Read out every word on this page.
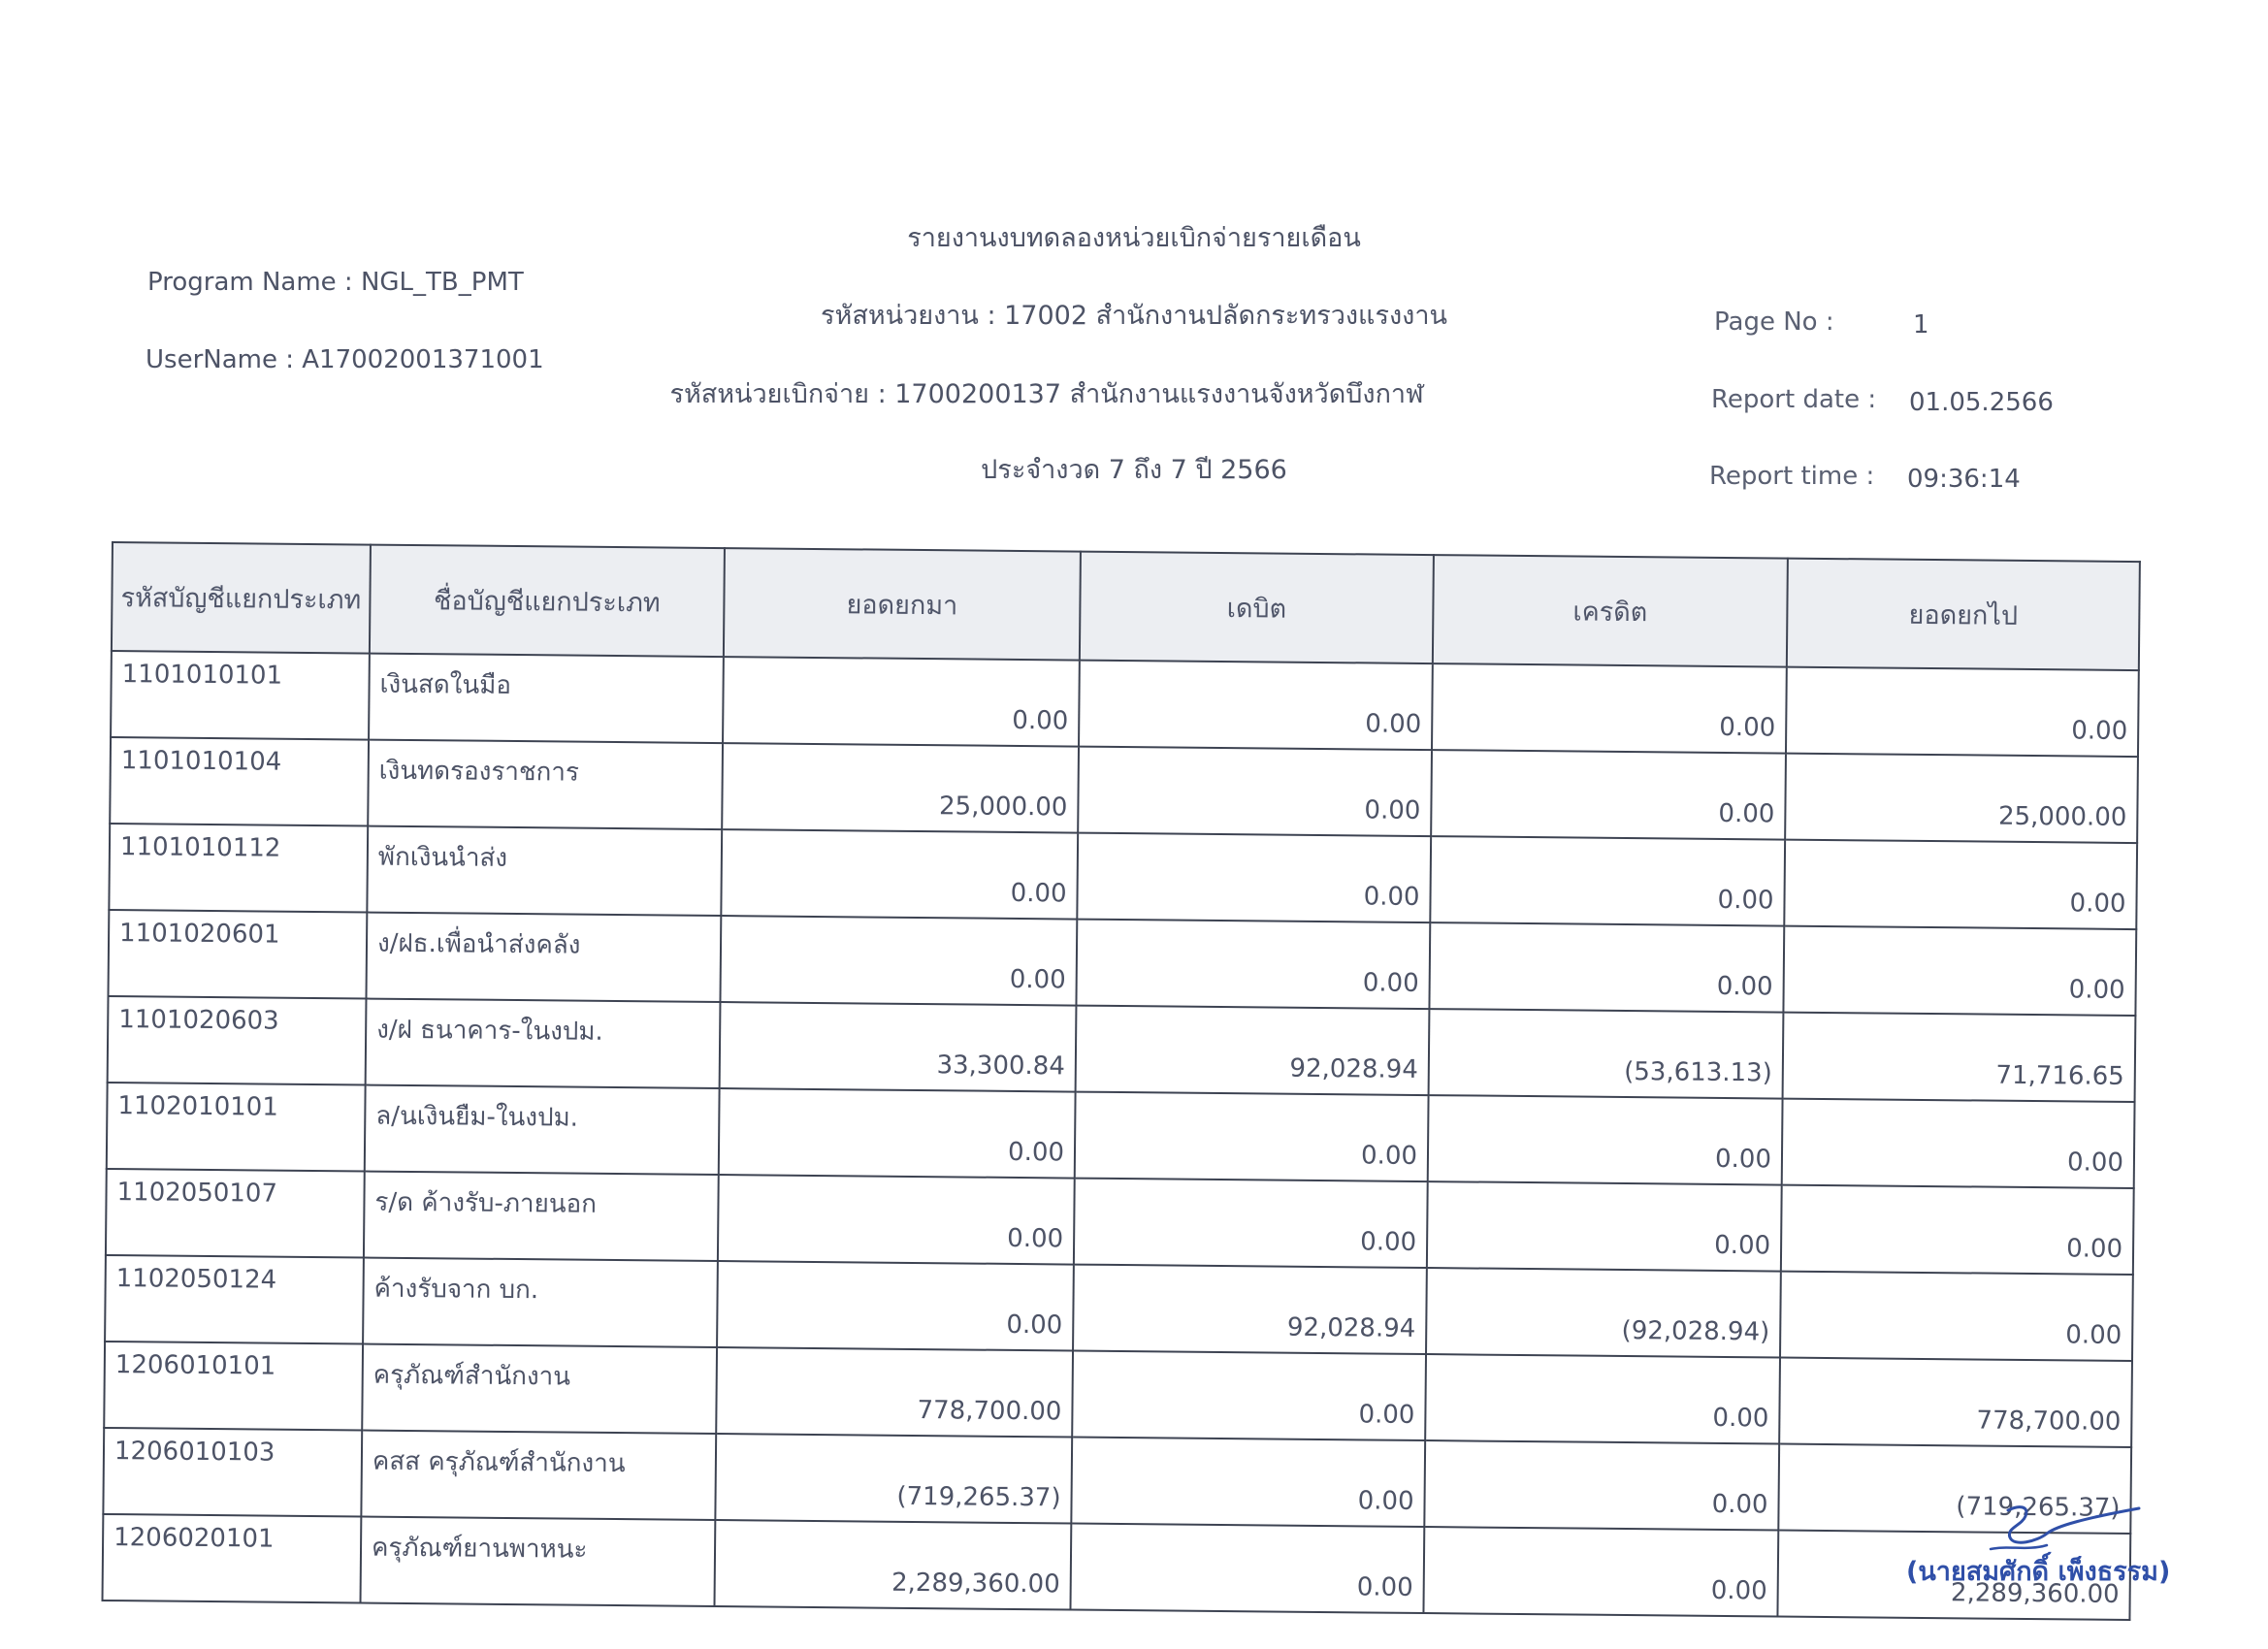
Program Name : NGL_TB_PMT
UserName : A17002001371001
รายงานงบทดลองหน่วยเบิกจ่ายรายเดือน
รหัสหน่วยงาน : 17002 สำนักงานปลัดกระทรวงแรงงาน
รหัสหน่วยเบิกจ่าย : 1700200137 สำนักงานแรงงานจังหวัดบึงกาฬ
ประจำงวด 7 ถึง 7 ปี 2566
Page No :	1
Report date : 01.05.2566
Report time : 09:36:14
รหัสบัญชีแยกประเภท	ชื่อบัญชีแยกประเภท	ยอดยกมา	เดบิต	เครดิต	ยอดยกไป
1101010101	เงินสดในมือ	0.00	0.00	0.00	0.00
1101010104	เงินทดรองราชการ	25,000.00	0.00	0.00	25,000.00
1101010112	พักเงินนำส่ง	0.00	0.00	0.00	0.00
1101020601	ง/ฝธ.เพื่อนำส่งคลัง	0.00	0.00	0.00	0.00
1101020603	ง/ฝ ธนาคาร-ในงปม.	33,300.84	92,028.94	(53,613.13)	71,716.65
1102010101	ล/นเงินยืม-ในงปม.	0.00	0.00	0.00	0.00
1102050107	ร/ด ค้างรับ-ภายนอก	0.00	0.00	0.00	0.00
1102050124	ค้างรับจาก บก.	0.00	92,028.94	(92,028.94)	0.00
1206010101	ครุภัณฑ์สำนักงาน	778,700.00	0.00	0.00	778,700.00
1206010103	คสส ครุภัณฑ์สำนักงาน	(719,265.37)	0.00	0.00	(719,265.37)
1206020101	ครุภัณฑ์ยานพาหนะ	2,289,360.00	0.00	0.00	2,289,360.00
(นายสมศักดิ์ เพ็งธรรม)
